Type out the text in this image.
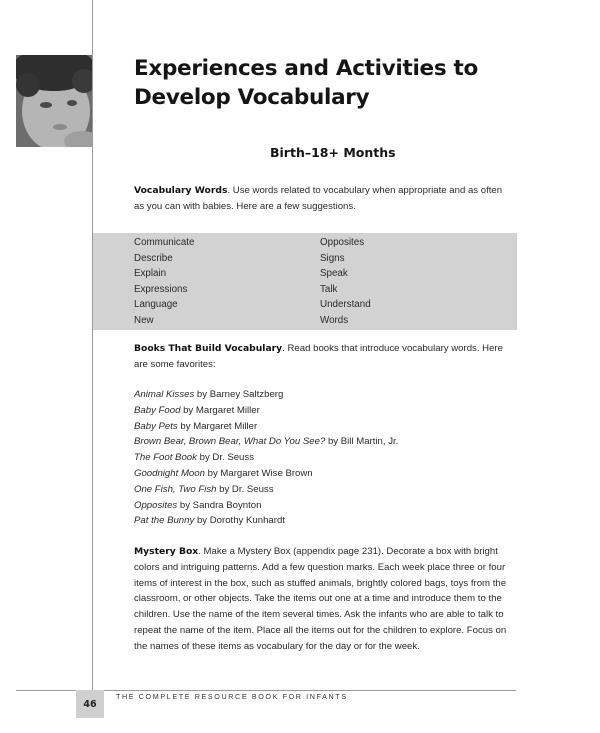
Experiences and Activities to Develop Vocabulary

Birth–18+ Months

Vocabulary Words. Use words related to vocabulary when appropriate and as often as you can with babies. Here are a few suggestions.

Communicate
Describe
Explain
Expressions
Language
New
Opposites
Signs
Speak
Talk
Understand
Words

Books That Build Vocabulary. Read books that introduce vocabulary words. Here are some favorites:

Animal Kisses by Barney Saltzberg
Baby Food by Margaret Miller
Baby Pets by Margaret Miller
Brown Bear, Brown Bear, What Do You See? by Bill Martin, Jr.
The Foot Book by Dr. Seuss
Goodnight Moon by Margaret Wise Brown
One Fish, Two Fish by Dr. Seuss
Opposites by Sandra Boynton
Pat the Bunny by Dorothy Kunhardt

Mystery Box. Make a Mystery Box (appendix page 231). Decorate a box with bright colors and intriguing patterns. Add a few question marks. Each week place three or four items of interest in the box, such as stuffed animals, brightly colored bags, toys from the classroom, or other objects. Take the items out one at a time and introduce them to the children. Use the name of the item several times. Ask the infants who are able to talk to repeat the name of the item. Place all the items out for the children to explore. Focus on the names of these items as vocabulary for the day or for the week.

46
THE COMPLETE RESOURCE BOOK FOR INFANTS
